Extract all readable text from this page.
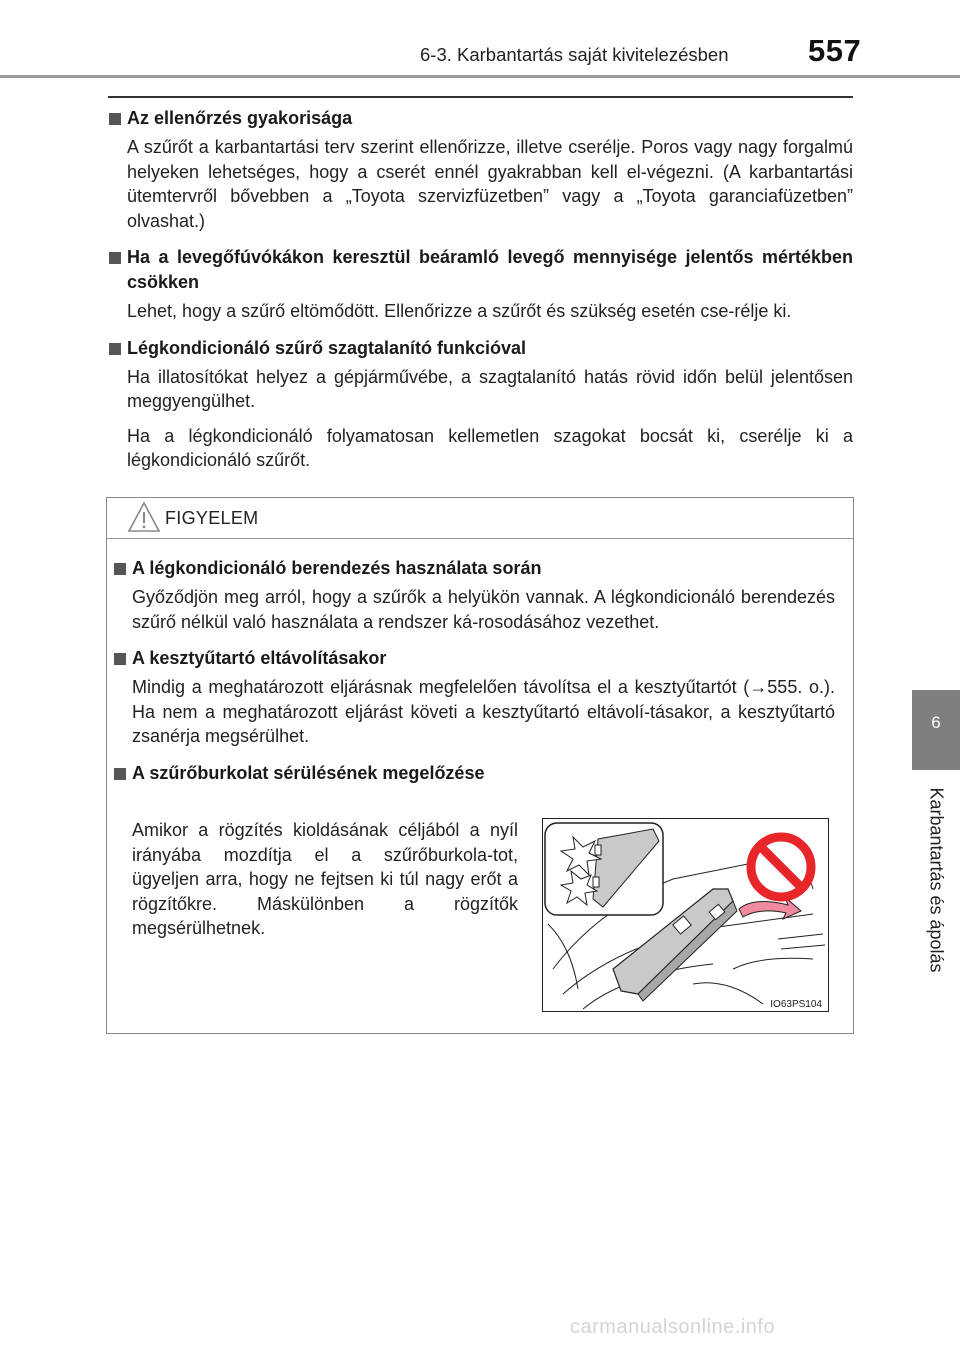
6-3. Karbantartás saját kivitelezésben	557
6
Karbantartás és ápolás
Az ellenőrzés gyakorisága
A szűrőt a karbantartási terv szerint ellenőrizze, illetve cserélje. Poros vagy nagy forgalmú helyeken lehetséges, hogy a cserét ennél gyakrabban kell el-végezni. (A karbantartási ütemtervről bővebben a „Toyota szervizfüzetben” vagy a „Toyota garanciafüzetben” olvashat.)
Ha a levegőfúvókákon keresztül beáramló levegő mennyisége jelentős mértékben csökken
Lehet, hogy a szűrő eltömődött. Ellenőrizze a szűrőt és szükség esetén cse-rélje ki.
Légkondicionáló szűrő szagtalanító funkcióval
Ha illatosítókat helyez a gépjárművébe, a szagtalanító hatás rövid időn belül jelentősen meggyengülhet.
Ha a légkondicionáló folyamatosan kellemetlen szagokat bocsát ki, cserélje ki a légkondicionáló szűrőt.
FIGYELEM
A légkondicionáló berendezés használata során
Győződjön meg arról, hogy a szűrők a helyükön vannak. A légkondicionáló berendezés szűrő nélkül való használata a rendszer ká-rosodásához vezethet.
A kesztyűtartó eltávolításakor
Mindig a meghatározott eljárásnak megfelelően távolítsa el a kesztyűtartót (→555. o.). Ha nem a meghatározott eljárást követi a kesztyűtartó eltávolí-tásakor, a kesztyűtartó zsanérja megsérülhet.
A szűrőburkolat sérülésének megelőzése
Amikor a rögzítés kioldásának céljából a nyíl irányába mozdítja el a szűrőburkola-tot, ügyeljen arra, hogy ne fejtsen ki túl nagy erőt a rögzítőkre. Máskülönben a rögzítők megsérülhetnek.
IO63PS104
carmanualsonline.info
